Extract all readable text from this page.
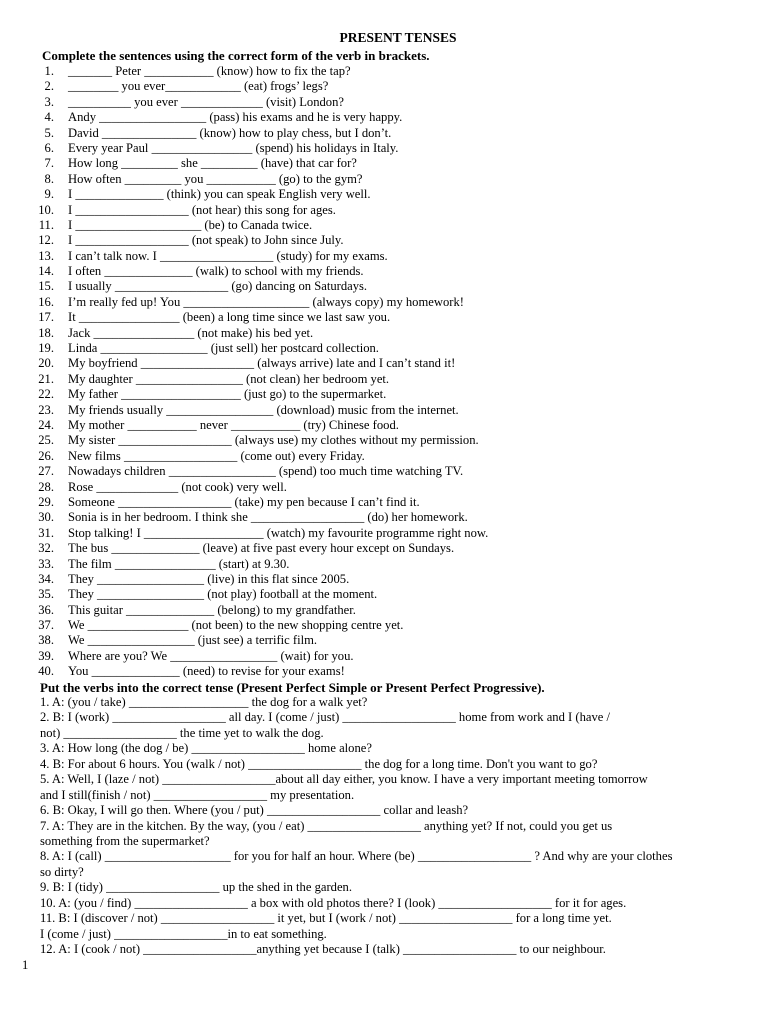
PRESENT TENSES
Complete the sentences using the correct form of the verb in brackets.
1. _______ Peter ___________ (know) how to fix the tap?
2. ________ you ever____________ (eat) frogs’ legs?
3. __________ you ever _____________ (visit) London?
4. Andy _________________ (pass) his exams and he is very happy.
5. David _______________ (know) how to play chess, but I don’t.
6. Every year Paul ________________ (spend) his holidays in Italy.
7. How long _________ she _________ (have) that car for?
8. How often _________ you ___________ (go) to the gym?
9. I ______________ (think) you can speak English very well.
10. I __________________ (not hear) this song for ages.
11. I ____________________ (be) to Canada twice.
12. I __________________ (not speak) to John since July.
13. I can’t talk now. I __________________ (study) for my exams.
14. I often ______________ (walk) to school with my friends.
15. I usually __________________ (go) dancing on Saturdays.
16. I’m really fed up! You ____________________ (always copy) my homework!
17. It ________________ (been) a long time since we last saw you.
18. Jack ________________ (not make) his bed yet.
19. Linda _________________ (just sell) her postcard collection.
20. My boyfriend __________________ (always arrive) late and I can’t stand it!
21. My daughter _________________ (not clean) her bedroom yet.
22. My father ___________________ (just go) to the supermarket.
23. My friends usually _________________ (download) music from the internet.
24. My mother ___________ never ___________ (try) Chinese food.
25. My sister __________________ (always use) my clothes without my permission.
26. New films __________________ (come out) every Friday.
27. Nowadays children _________________ (spend) too much time watching TV.
28. Rose _____________ (not cook) very well.
29. Someone __________________ (take) my pen because I can’t find it.
30. Sonia is in her bedroom. I think she __________________ (do) her homework.
31. Stop talking! I ___________________ (watch) my favourite programme right now.
32. The bus ______________ (leave) at five past every hour except on Sundays.
33. The film ________________ (start) at 9.30.
34. They _________________ (live) in this flat since 2005.
35. They _________________ (not play) football at the moment.
36. This guitar ______________ (belong) to my grandfather.
37. We ________________ (not been) to the new shopping centre yet.
38. We _________________ (just see) a terrific film.
39. Where are you? We _________________ (wait) for you.
40. You ______________ (need) to revise for your exams!
Put the verbs into the correct tense (Present Perfect Simple or Present Perfect Progressive).
1. A: (you / take) ___________________ the dog for a walk yet?
2. B: I (work) __________________ all day. I (come / just) __________________ home from work and I (have /
not) __________________ the time yet to walk the dog.
3. A: How long (the dog / be) __________________ home alone?
4. B: For about 6 hours. You (walk / not) __________________ the dog for a long time. Don't you want to go?
5. A: Well, I (laze / not) __________________about all day either, you know. I have a very important meeting tomorrow
and I still(finish / not) __________________ my presentation.
6. B: Okay, I will go then. Where (you / put) __________________ collar and leash?
7. A: They are in the kitchen. By the way, (you / eat) __________________ anything yet? If not, could you get us
something from the supermarket?
8. A: I (call) ____________________ for you for half an hour. Where (be) __________________ ? And why are your clothes
so dirty?
9. B: I (tidy) __________________ up the shed in the garden.
10. A: (you / find) __________________ a box with old photos there? I (look) __________________ for it for ages.
11. B: I (discover / not) __________________ it yet, but I (work / not) __________________ for a long time yet.
I (come / just) __________________in to eat something.
12. A: I (cook / not) __________________anything yet because I (talk) __________________ to our neighbour.
1
